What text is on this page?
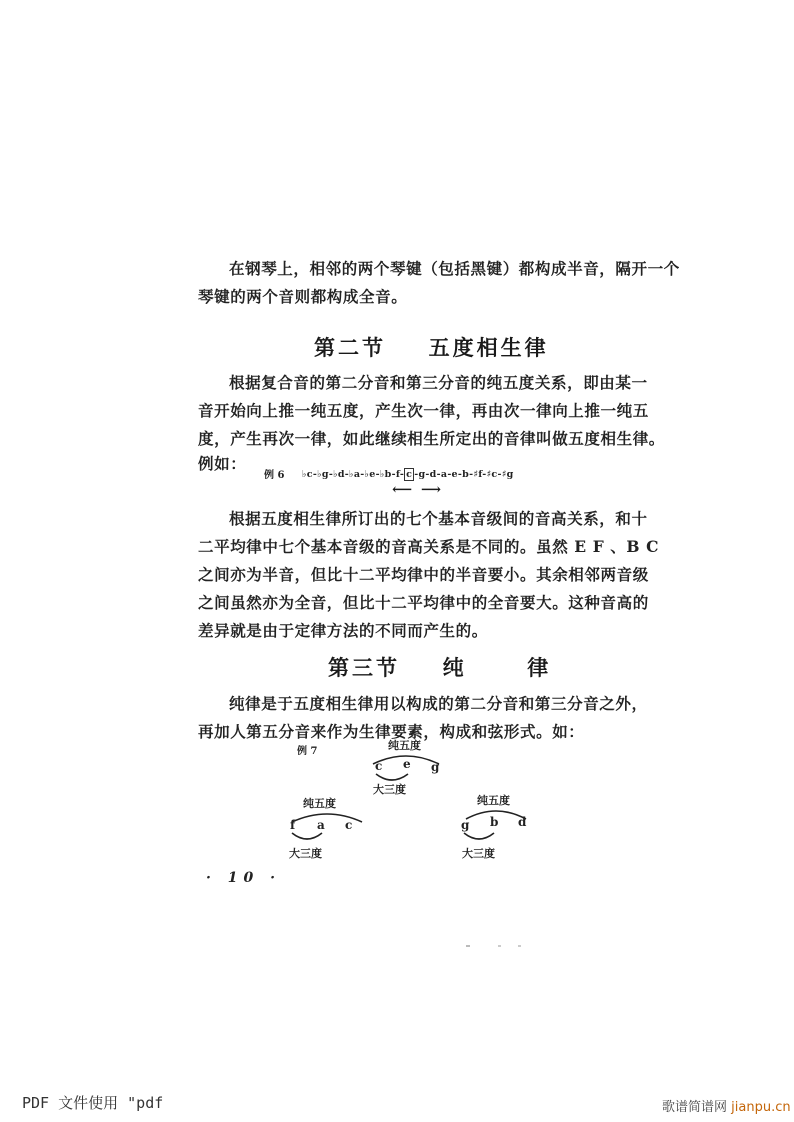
在钢琴上，相邻的两个琴键（包括黑键）都构成半音，隔开一个
琴键的两个音则都构成全音。
第二节 五度相生律
根据复合音的第二分音和第三分音的纯五度关系，即由某一
音开始向上推一纯五度，产生次一律，再由次一律向上推一纯五
度，产生再次一律，如此继续相生所定出的音律叫做五度相生律。
例如：
例 6 ♭c-♭g-♭d-♭a-♭e-♭b-f- c -g-d-a-e-b-♯f-♯c-♯g
⟵ ⟶
根据五度相生律所订出的七个基本音级间的音高关系，和十
二平均律中七个基本音级的音高关系是不同的。虽然 E F 、B C
之间亦为半音，但比十二平均律中的半音要小。其余相邻两音级
之间虽然亦为全音，但比十二平均律中的全音要大。这种音高的
差异就是由于定律方法的不同而产生的。
第三节 纯	律
纯律是于五度相生律用以构成的第二分音和第三分音之外，
再加人第五分音来作为生律要素，构成和弦形式。如：
例 7	纯五度
c e g
大三度
纯五度
f a c
大三度
纯五度
g b d
大三度
· 10 ·
PDF 文件使用 "pdf	歌谱简谱网 jianpu.cn
